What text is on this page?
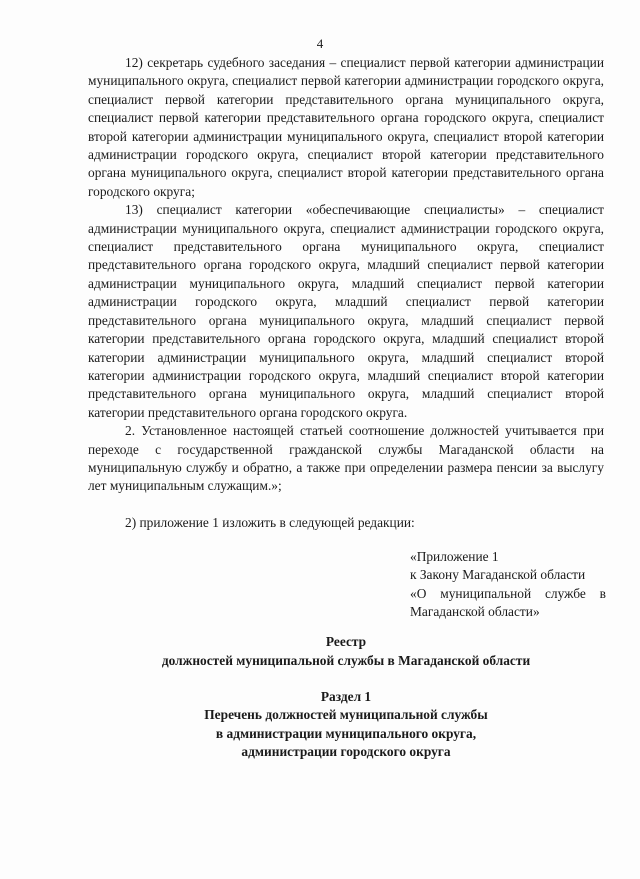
4

12) секретарь судебного заседания – специалист первой категории администрации муниципального округа, специалист первой категории администрации городского округа, специалист первой категории представительного органа муниципального округа, специалист первой категории представительного органа городского округа, специалист второй категории администрации муниципального округа, специалист второй категории администрации городского округа, специалист второй категории представительного органа муниципального округа, специалист второй категории представительного органа городского округа;

13) специалист категории «обеспечивающие специалисты» – специалист администрации муниципального округа, специалист администрации городского округа, специалист представительного органа муниципального округа, специалист представительного органа городского округа, младший специалист первой категории администрации муниципального округа, младший специалист первой категории администрации городского округа, младший специалист первой категории представительного органа муниципального округа, младший специалист первой категории представительного органа городского округа, младший специалист второй категории администрации муниципального округа, младший специалист второй категории администрации городского округа, младший специалист второй категории представительного органа муниципального округа, младший специалист второй категории представительного органа городского округа.

2. Установленное настоящей статьей соотношение должностей учитывается при переходе с государственной гражданской службы Магаданской области на муниципальную службу и обратно, а также при определении размера пенсии за выслугу лет муниципальным служащим.»;

2) приложение 1 изложить в следующей редакции:

«Приложение 1
к Закону Магаданской области
«О муниципальной службе в Магаданской области»
Реестр
должностей муниципальной службы в Магаданской области
Раздел 1
Перечень должностей муниципальной службы
в администрации муниципального округа,
администрации городского округа
